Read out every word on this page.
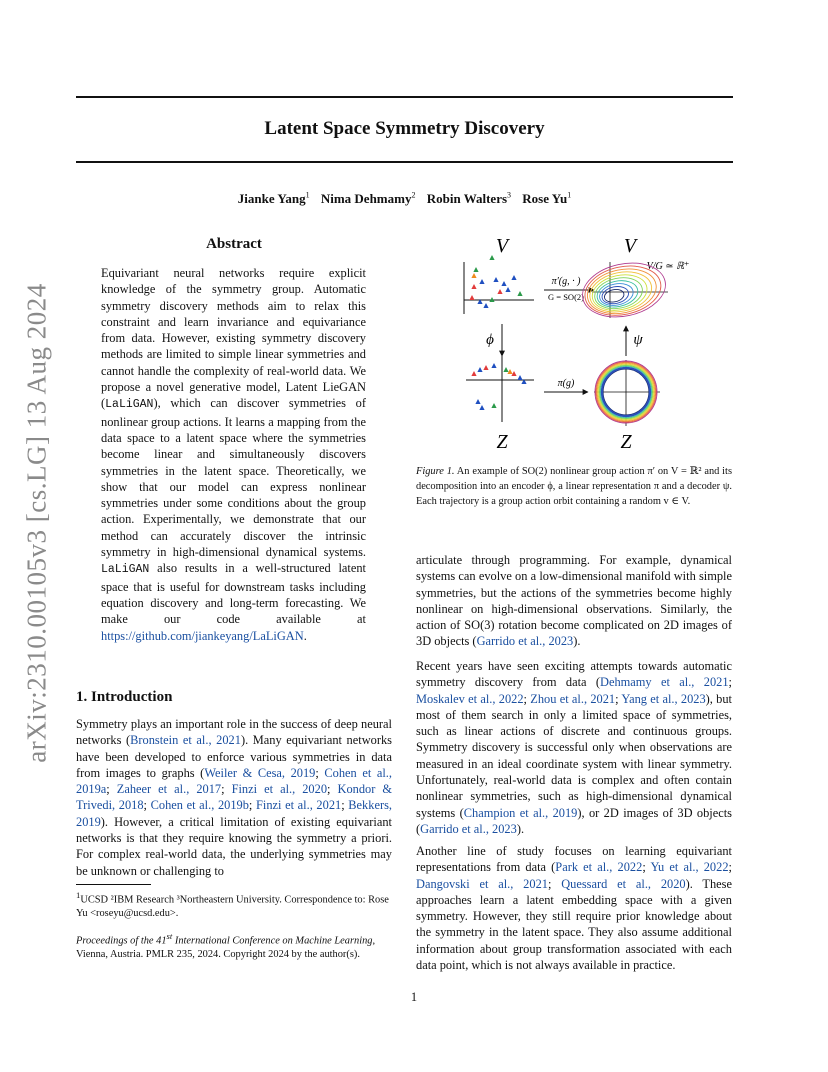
arXiv:2310.00105v3 [cs.LG] 13 Aug 2024
Latent Space Symmetry Discovery
Jianke Yang$^1$ Nima Dehmamy$^2$ Robin Walters$^3$ Rose Yu$^1$
Abstract

Equivariant neural networks require explicit knowledge of the symmetry group. Automatic symmetry discovery methods aim to relax this constraint and learn invariance and equivariance from data. However, existing symmetry discovery methods are limited to simple linear symmetries and cannot handle the complexity of real-world data. We propose a novel generative model, Latent LieGAN (LaLiGAN), which can discover symmetries of nonlinear group actions. It learns a mapping from the data space to a latent space where the symmetries become linear and simultaneously discovers symmetries in the latent space. Theoretically, we show that our model can express nonlinear symmetries under some conditions about the group action. Experimentally, we demonstrate that our method can accurately discover the intrinsic symmetry in high-dimensional dynamical systems. LaLiGAN also results in a well-structured latent space that is useful for downstream tasks including equation discovery and long-term forecasting. We make our code available at https://github.com/jiankeyang/LaLiGAN.

1. Introduction

Symmetry plays an important role in the success of deep neural networks (Bronstein et al., 2021). Many equivariant networks have been developed to enforce various symmetries in data from images to graphs (Weiler & Cesa, 2019; Cohen et al., 2019a; Zaheer et al., 2017; Finzi et al., 2020; Kondor & Trivedi, 2018; Cohen et al., 2019b; Finzi et al., 2021; Bekkers, 2019). However, a critical limitation of existing equivariant networks is that they require knowing the symmetry a priori. For complex real-world data, the underlying symmetries may be unknown or challenging to

$^1$UCSD ²IBM Research ³Northeastern University. Correspondence to: Rose Yu <roseyu@ucsd.edu>.

Proceedings of the 41st International Conference on Machine Learning, Vienna, Austria. PMLR 235, 2024. Copyright 2024 by the author(s).

V
π′(g, · )
G = SO(2)
V
V/G ≃ ℝ⁺
ϕ	ψ
Z
π(g)
Z

Figure 1. An example of SO(2) nonlinear group action π′ on V = ℝ² and its decomposition into an encoder ϕ, a linear representation π and a decoder ψ. Each trajectory is a group action orbit containing a random v ∈ V.

articulate through programming. For example, dynamical systems can evolve on a low-dimensional manifold with simple symmetries, but the actions of the symmetries become highly nonlinear on high-dimensional observations. Similarly, the action of SO(3) rotation become complicated on 2D images of 3D objects (Garrido et al., 2023).

Recent years have seen exciting attempts towards automatic symmetry discovery from data (Dehmamy et al., 2021; Moskalev et al., 2022; Zhou et al., 2021; Yang et al., 2023), but most of them search in only a limited space of symmetries, such as linear actions of discrete and continuous groups. Symmetry discovery is successful only when observations are measured in an ideal coordinate system with linear symmetry. Unfortunately, real-world data is complex and often contain nonlinear symmetries, such as high-dimensional dynamical systems (Champion et al., 2019), or 2D images of 3D objects (Garrido et al., 2023).

Another line of study focuses on learning equivariant representations from data (Park et al., 2022; Yu et al., 2022; Dangovski et al., 2021; Quessard et al., 2020). These approaches learn a latent embedding space with a given symmetry. However, they still require prior knowledge about the symmetry in the latent space. They also assume additional information about group transformation associated with each data point, which is not always available in practice.

1
